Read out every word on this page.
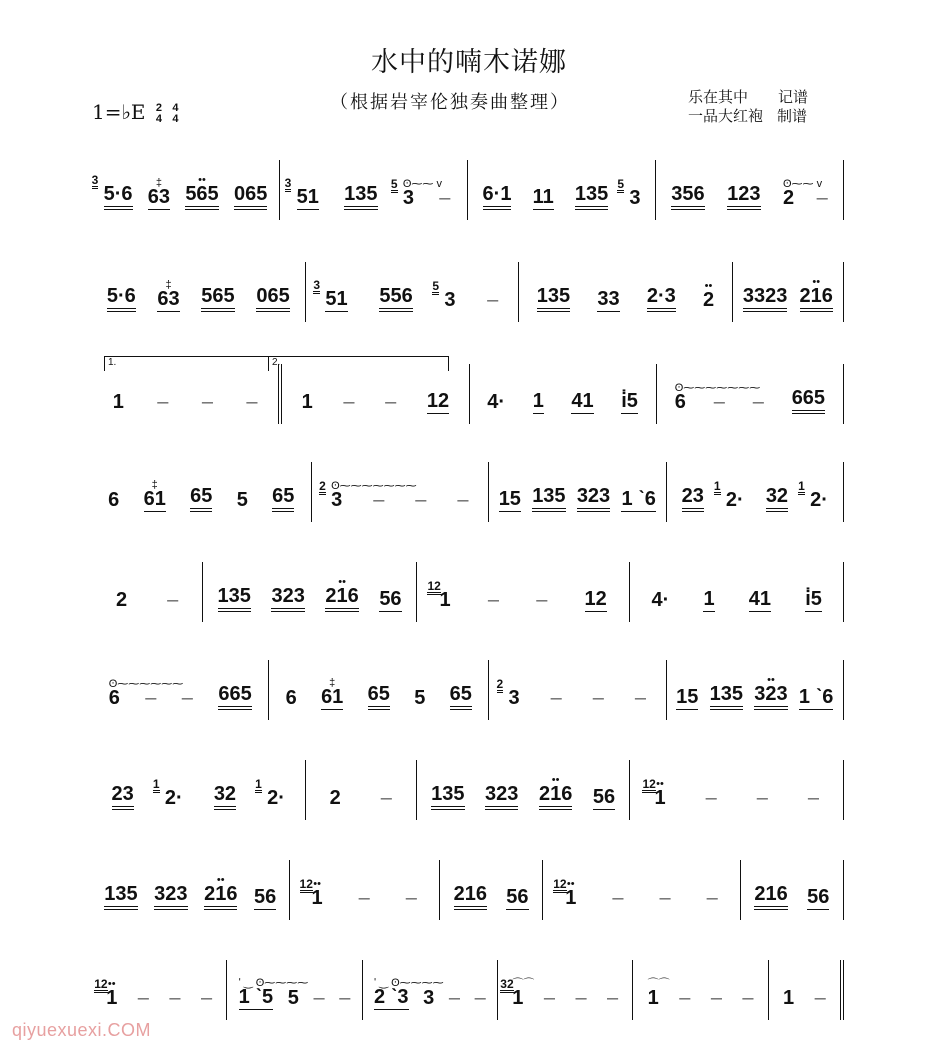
水中的喃木诺娜
（根据岩宰伦独奏曲整理）
1=♭E 2
4 4
4
乐在其中 记谱
一品大红袍 制谱
1.	2.
3
5·6	‡
63
••
565 065 3
51 135 5 ʘ⁓⁓ v
3 – 6·1 11 135 5
3 356 123 ʘ⁓⁓ v
2 –
5·6	‡
63 565 065 3
51 556 5
3 – 135 33 2·3	••
2 3323
••
216
1 – – – 1 – – 12 4· 1 41 i̇5
ʘ⁓⁓⁓⁓⁓⁓⁓
6 – – 665
6
‡
61 65 5 65 2 ʘ⁓⁓⁓⁓⁓⁓⁓
3 – – – 15 135 323 1 ˋ6 23 1
2· 32 1
2·
2 – 135 323
••
216 56
12
1 – – 12 4· 1 41 i̇5
ʘ⁓⁓⁓⁓⁓⁓
6 – – 665 6
‡
61 65 5 65 2
3 – – – 15 135
••
323 1 ˋ6
23 1
2· 32 1
2· 2 – 135 323
••
216 56
12 ••
1 – – –
135 323
••
216 56
12 ••
1 – – 216 56
12 ••
1 – – – 216 56
12 ••
1 – – –
ʹ ‿ ʘ⁓⁓⁓⁓
1 ˋ5 5 – –
ʹ ‿ ʘ⁓⁓⁓⁓
2 ˋ3 3 – –
32
⌒⌒
1 – – –
⌒⌒
1 – – – 1 –
qiyuexuexi.COM
